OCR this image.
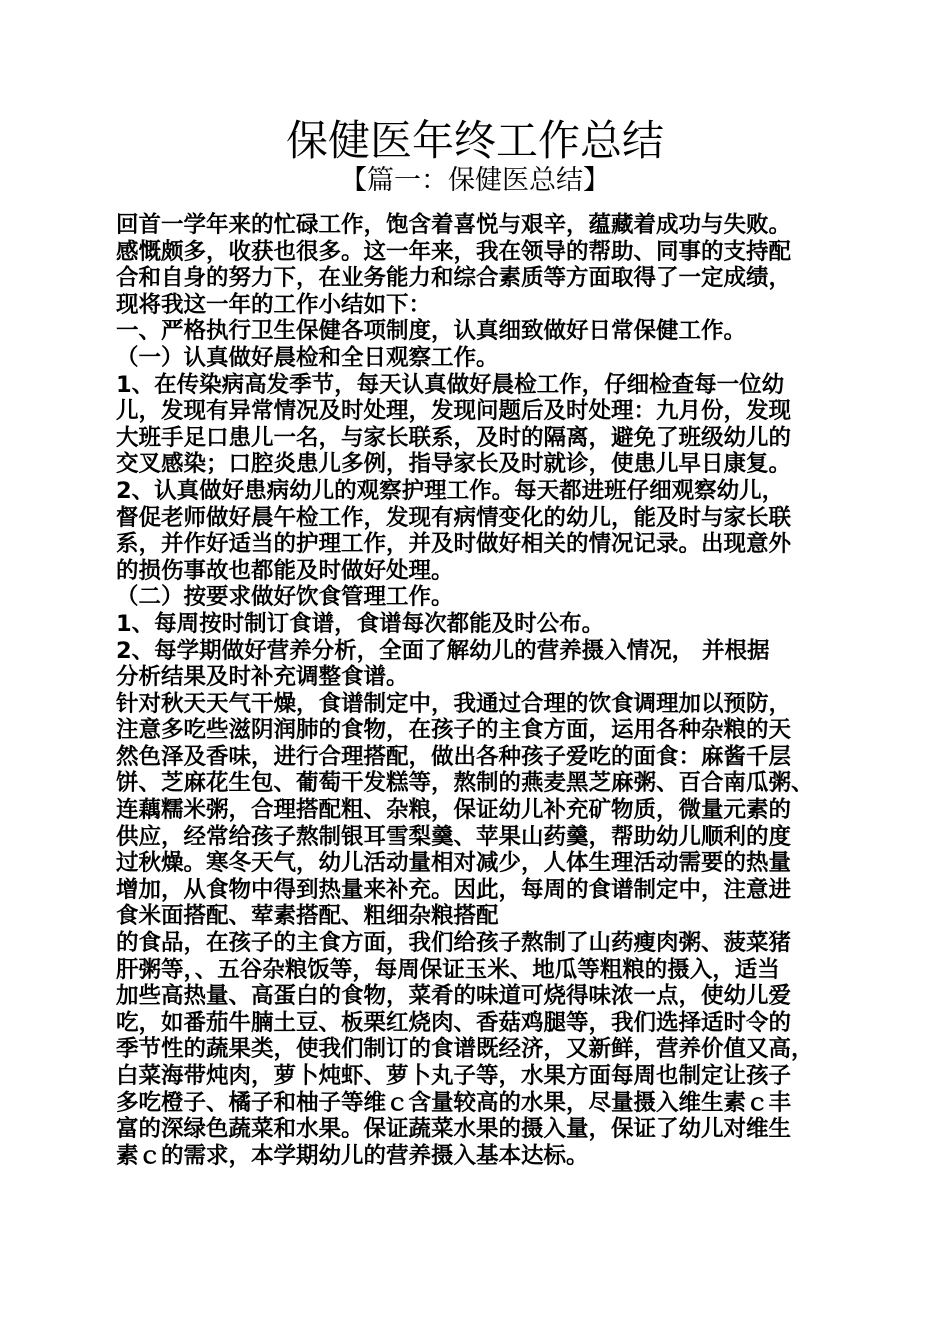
保健医年终工作总结
【篇一：保健医总结】
回首一学年来的忙碌工作，饱含着喜悦与艰辛，蕴藏着成功与失败。
感慨颇多，收获也很多。这一年来，我在领导的帮助、同事的支持配
合和自身的努力下，在业务能力和综合素质等方面取得了一定成绩，
现将我这一年的工作小结如下：
一、严格执行卫生保健各项制度，认真细致做好日常保健工作。
（一）认真做好晨检和全日观察工作。
1、在传染病高发季节，每天认真做好晨检工作，仔细检查每一位幼
儿，发现有异常情况及时处理，发现问题后及时处理：九月份，发现
大班手足口患儿一名，与家长联系，及时的隔离，避免了班级幼儿的
交叉感染；口腔炎患儿多例，指导家长及时就诊，使患儿早日康复。
2、认真做好患病幼儿的观察护理工作。每天都进班仔细观察幼儿，
督促老师做好晨午检工作，发现有病情变化的幼儿，能及时与家长联
系，并作好适当的护理工作，并及时做好相关的情况记录。出现意外
的损伤事故也都能及时做好处理。
（二）按要求做好饮食管理工作。
1、每周按时制订食谱，食谱每次都能及时公布。
2、每学期做好营养分析，全面了解幼儿的营养摄入情况， 并根据
分析结果及时补充调整食谱。
针对秋天天气干燥，食谱制定中，我通过合理的饮食调理加以预防，
注意多吃些滋阴润肺的食物，在孩子的主食方面，运用各种杂粮的天
然色泽及香味，进行合理搭配，做出各种孩子爱吃的面食：麻酱千层
饼、芝麻花生包、葡萄干发糕等，熬制的燕麦黑芝麻粥、百合南瓜粥、
连藕糯米粥，合理搭配粗、杂粮，保证幼儿补充矿物质，微量元素的
供应，经常给孩子熬制银耳雪梨羹、苹果山药羹，帮助幼儿顺利的度
过秋燥。寒冬天气，幼儿活动量相对减少，人体生理活动需要的热量
增加，从食物中得到热量来补充。因此，每周的食谱制定中，注意进
食米面搭配、荤素搭配、粗细杂粮搭配
的食品，在孩子的主食方面，我们给孩子熬制了山药瘦肉粥、菠菜猪
肝粥等，、五谷杂粮饭等，每周保证玉米、地瓜等粗粮的摄入，适当
加些高热量、高蛋白的食物，菜肴的味道可烧得味浓一点，使幼儿爱
吃，如番茄牛腩土豆、板栗红烧肉、香菇鸡腿等，我们选择适时令的
季节性的蔬果类，使我们制订的食谱既经济，又新鲜，营养价值又高，
白菜海带炖肉，萝卜炖虾、萝卜丸子等，水果方面每周也制定让孩子
多吃橙子、橘子和柚子等维ｃ含量较高的水果，尽量摄入维生素ｃ丰
富的深绿色蔬菜和水果。保证蔬菜水果的摄入量，保证了幼儿对维生
素ｃ的需求，本学期幼儿的营养摄入基本达标。
